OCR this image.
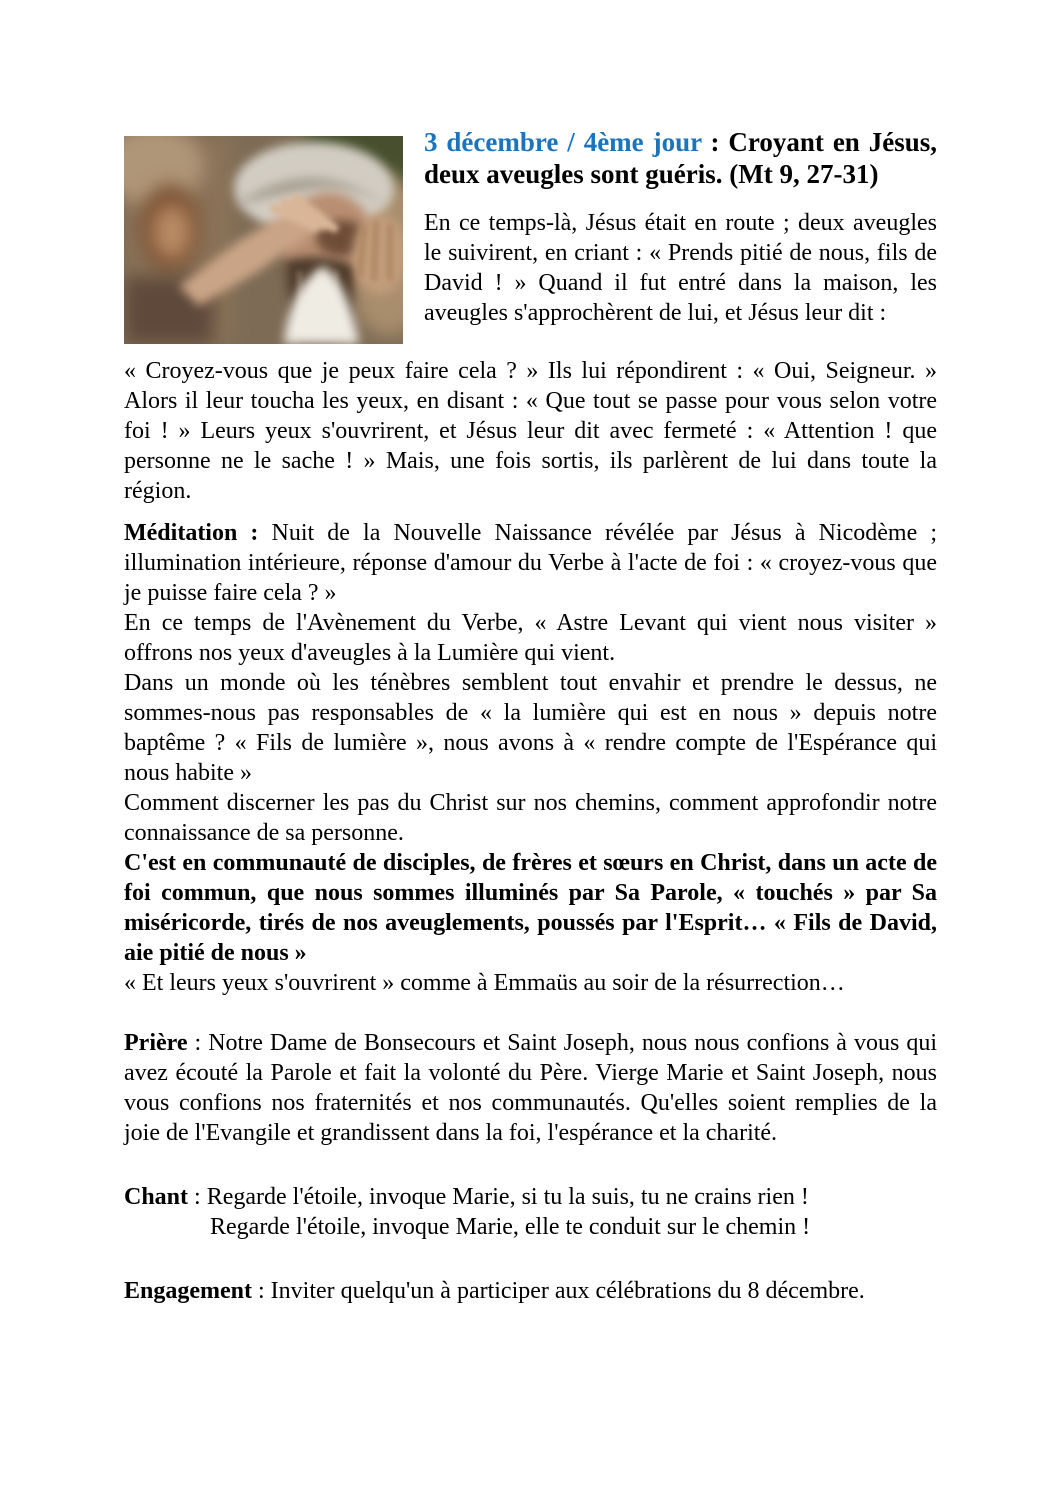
3 décembre / 4ème jour : Croyant en Jésus, deux aveugles sont guéris. (Mt 9, 27-31)

En ce temps-là, Jésus était en route ; deux aveugles le suivirent, en criant : « Prends pitié de nous, fils de David ! » Quand il fut entré dans la maison, les aveugles s'approchèrent de lui, et Jésus leur dit :

« Croyez-vous que je peux faire cela ? » Ils lui répondirent : « Oui, Seigneur. » Alors il leur toucha les yeux, en disant : « Que tout se passe pour vous selon votre foi ! » Leurs yeux s'ouvrirent, et Jésus leur dit avec fermeté : « Attention ! que personne ne le sache ! » Mais, une fois sortis, ils parlèrent de lui dans toute la région.

Méditation : Nuit de la Nouvelle Naissance révélée par Jésus à Nicodème ; illumination intérieure, réponse d'amour du Verbe à l'acte de foi : « croyez-vous que je puisse faire cela ? »

En ce temps de l'Avènement du Verbe, « Astre Levant qui vient nous visiter » offrons nos yeux d'aveugles à la Lumière qui vient.

Dans un monde où les ténèbres semblent tout envahir et prendre le dessus, ne sommes-nous pas responsables de « la lumière qui est en nous » depuis notre baptême ? « Fils de lumière », nous avons à « rendre compte de l'Espérance qui nous habite »

Comment discerner les pas du Christ sur nos chemins, comment approfondir notre connaissance de sa personne.

C'est en communauté de disciples, de frères et sœurs en Christ, dans un acte de foi commun, que nous sommes illuminés par Sa Parole, « touchés » par Sa miséricorde, tirés de nos aveuglements, poussés par l'Esprit… « Fils de David, aie pitié de nous »

« Et leurs yeux s'ouvrirent » comme à Emmaüs au soir de la résurrection…

Prière : Notre Dame de Bonsecours et Saint Joseph, nous nous confions à vous qui avez écouté la Parole et fait la volonté du Père. Vierge Marie et Saint Joseph, nous vous confions nos fraternités et nos communautés. Qu'elles soient remplies de la joie de l'Evangile et grandissent dans la foi, l'espérance et la charité.

Chant : Regarde l'étoile, invoque Marie, si tu la suis, tu ne crains rien !
Regarde l'étoile, invoque Marie, elle te conduit sur le chemin !

Engagement : Inviter quelqu'un à participer aux célébrations du 8 décembre.
